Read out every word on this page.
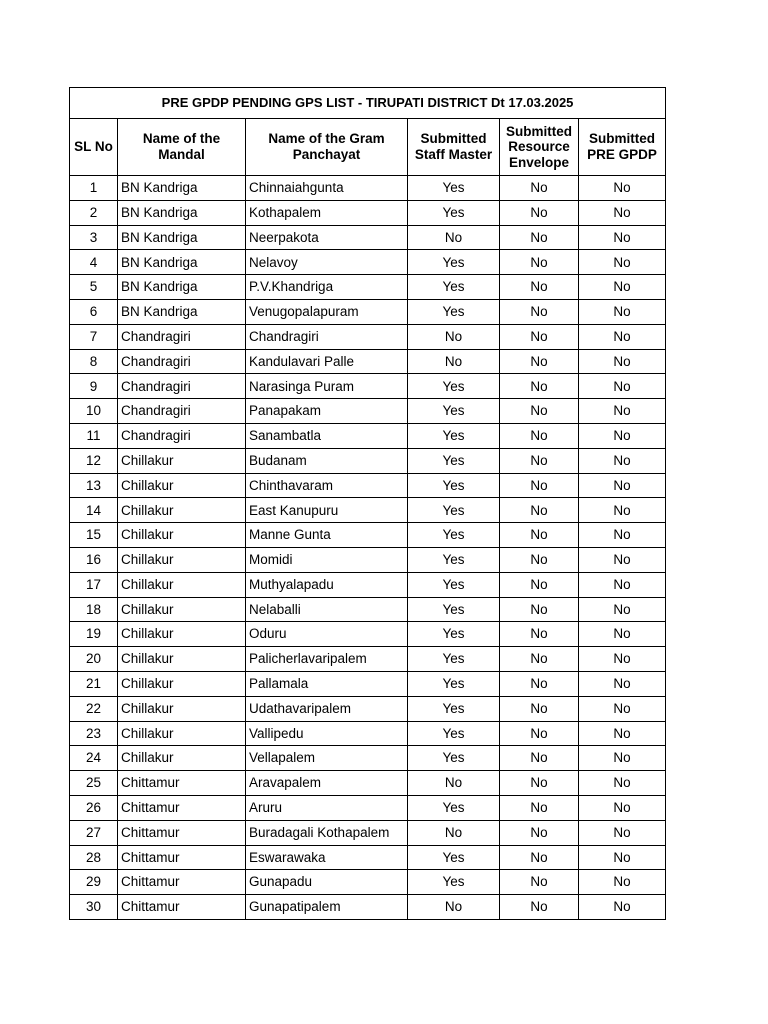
PRE GPDP PENDING GPS LIST - TIRUPATI DISTRICT Dt 17.03.2025					
SL No	Name of the Mandal	Name of the Gram Panchayat	Submitted Staff Master	Submitted Resource Envelope	Submitted PRE GPDP
1	BN Kandriga	Chinnaiahgunta	Yes	No	No
2	BN Kandriga	Kothapalem	Yes	No	No
3	BN Kandriga	Neerpakota	No	No	No
4	BN Kandriga	Nelavoy	Yes	No	No
5	BN Kandriga	P.V.Khandriga	Yes	No	No
6	BN Kandriga	Venugopalapuram	Yes	No	No
7	Chandragiri	Chandragiri	No	No	No
8	Chandragiri	Kandulavari Palle	No	No	No
9	Chandragiri	Narasinga Puram	Yes	No	No
10	Chandragiri	Panapakam	Yes	No	No
11	Chandragiri	Sanambatla	Yes	No	No
12	Chillakur	Budanam	Yes	No	No
13	Chillakur	Chinthavaram	Yes	No	No
14	Chillakur	East Kanupuru	Yes	No	No
15	Chillakur	Manne Gunta	Yes	No	No
16	Chillakur	Momidi	Yes	No	No
17	Chillakur	Muthyalapadu	Yes	No	No
18	Chillakur	Nelaballi	Yes	No	No
19	Chillakur	Oduru	Yes	No	No
20	Chillakur	Palicherlavaripalem	Yes	No	No
21	Chillakur	Pallamala	Yes	No	No
22	Chillakur	Udathavaripalem	Yes	No	No
23	Chillakur	Vallipedu	Yes	No	No
24	Chillakur	Vellapalem	Yes	No	No
25	Chittamur	Aravapalem	No	No	No
26	Chittamur	Aruru	Yes	No	No
27	Chittamur	Buradagali Kothapalem	No	No	No
28	Chittamur	Eswarawaka	Yes	No	No
29	Chittamur	Gunapadu	Yes	No	No
30	Chittamur	Gunapatipalem	No	No	No
